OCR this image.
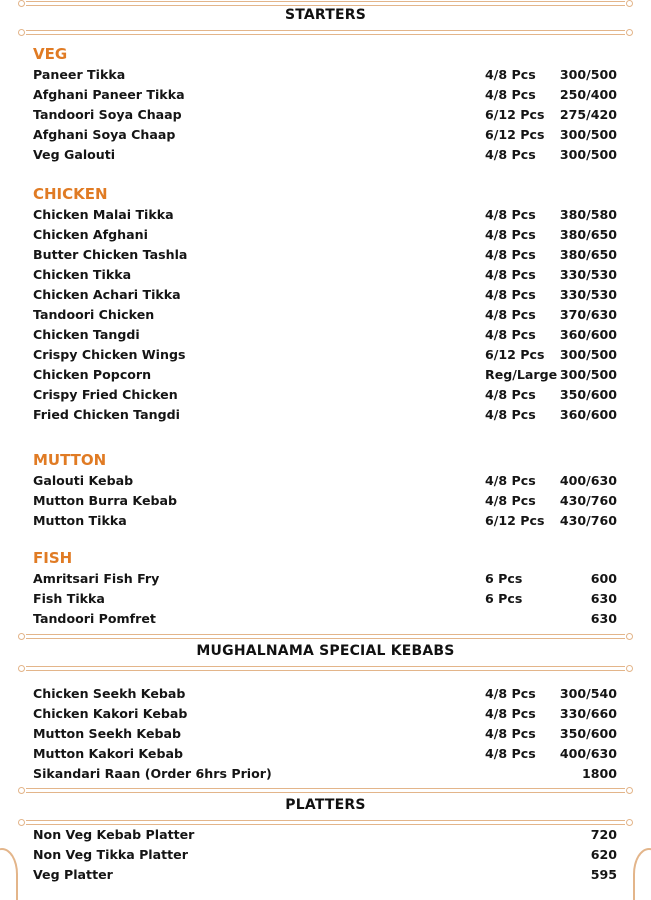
STARTERS
VEG
CHICKEN
MUTTON
FISH
MUGHALNAMA SPECIAL KEBABS
PLATTERS
Paneer Tikka	4/8 Pcs 300/500
Afghani Paneer Tikka	4/8 Pcs 250/400
Tandoori Soya Chaap	6/12 Pcs 275/420
Afghani Soya Chaap	6/12 Pcs 300/500
Veg Galouti	4/8 Pcs 300/500
Chicken Malai Tikka	4/8 Pcs 380/580
Chicken Afghani	4/8 Pcs 380/650
Butter Chicken Tashla	4/8 Pcs 380/650
Chicken Tikka	4/8 Pcs 330/530
Chicken Achari Tikka	4/8 Pcs 330/530
Tandoori Chicken	4/8 Pcs 370/630
Chicken Tangdi	4/8 Pcs 360/600
Crispy Chicken Wings	6/12 Pcs 300/500
Chicken Popcorn	Reg/Large 300/500
Crispy Fried Chicken	4/8 Pcs 350/600
Fried Chicken Tangdi	4/8 Pcs 360/600
Galouti Kebab	4/8 Pcs 400/630
Mutton Burra Kebab	4/8 Pcs 430/760
Mutton Tikka	6/12 Pcs 430/760
Amritsari Fish Fry	6 Pcs	600
Fish Tikka	6 Pcs	630
Tandoori Pomfret	630
Chicken Seekh Kebab	4/8 Pcs 300/540
Chicken Kakori Kebab	4/8 Pcs 330/660
Mutton Seekh Kebab	4/8 Pcs 350/600
Mutton Kakori Kebab	4/8 Pcs 400/630
Sikandari Raan (Order 6hrs Prior)	1800
Non Veg Kebab Platter	720
Non Veg Tikka Platter	620
Veg Platter	595
